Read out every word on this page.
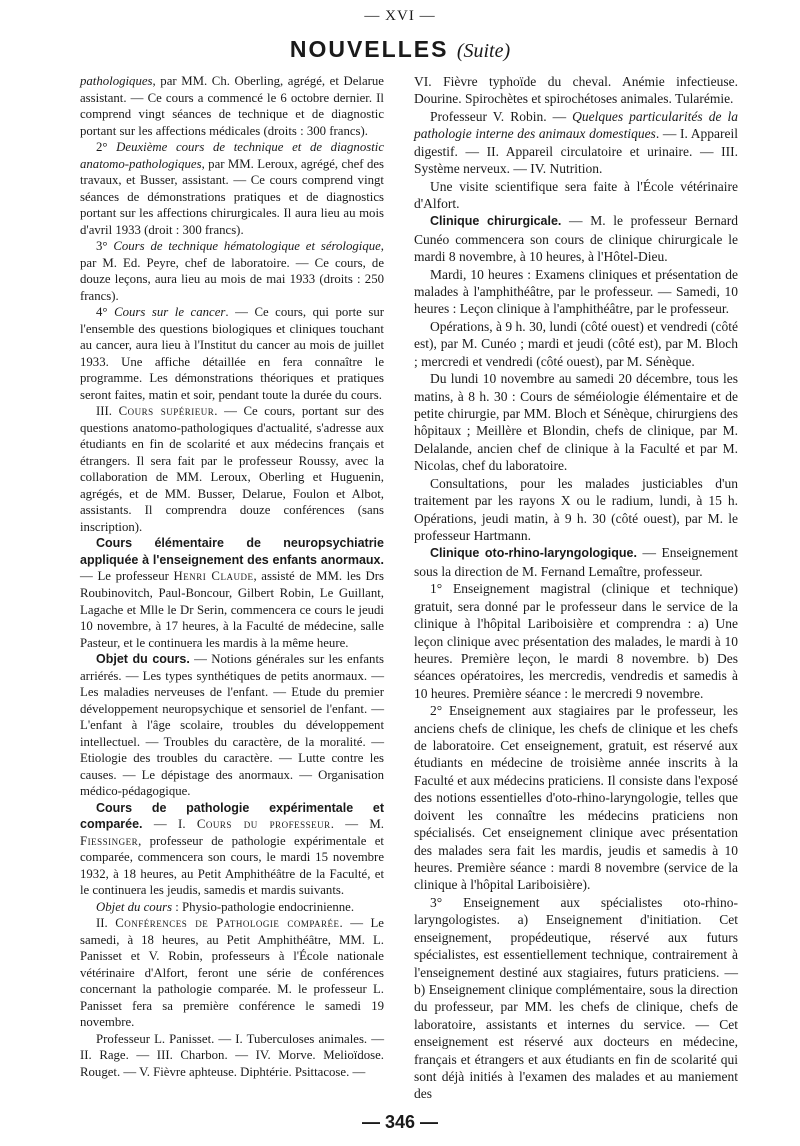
— XVI —
NOUVELLES (Suite)

pathologiques, par MM. Ch. Oberling, agrégé, et Delarue assistant. — Ce cours a commencé le 6 octobre dernier. Il comprend vingt séances de technique et de diagnostic portant sur les affections médicales (droits : 300 francs).

2° Deuxième cours de technique et de diagnostic anatomo-pathologiques, par MM. Leroux, agrégé, chef des travaux, et Busser, assistant. — Ce cours comprend vingt séances de démonstrations pratiques et de diagnostics portant sur les affections chirurgicales. Il aura lieu au mois d'avril 1933 (droit : 300 francs).

3° Cours de technique hématologique et sérologique, par M. Ed. Peyre, chef de laboratoire. — Ce cours, de douze leçons, aura lieu au mois de mai 1933 (droits : 250 francs).

4° Cours sur le cancer. — Ce cours, qui porte sur l'ensemble des questions biologiques et cliniques touchant au cancer, aura lieu à l'Institut du cancer au mois de juillet 1933. Une affiche détaillée en fera connaître le programme. Les démonstrations théoriques et pratiques seront faites, matin et soir, pendant toute la durée du cours.

III. Cours supérieur. — Ce cours, portant sur des questions anatomo-pathologiques d'actualité, s'adresse aux étudiants en fin de scolarité et aux médecins français et étrangers. Il sera fait par le professeur Roussy, avec la collaboration de MM. Leroux, Oberling et Huguenin, agrégés, et de MM. Busser, Delarue, Foulon et Albot, assistants. Il comprendra douze conférences (sans inscription).

Cours élémentaire de neuropsychiatrie appliquée à l'enseignement des enfants anormaux. — Le professeur Henri Claude, assisté de MM. les Drs Roubinovitch, Paul-Boncour, Gilbert Robin, Le Guillant, Lagache et Mlle le Dr Serin, commencera ce cours le jeudi 10 novembre, à 17 heures, à la Faculté de médecine, salle Pasteur, et le continuera les mardis à la même heure.

Objet du cours. — Notions générales sur les enfants arriérés. — Les types synthétiques de petits anormaux. — Les maladies nerveuses de l'enfant. — Etude du premier développement neuropsychique et sensoriel de l'enfant. — L'enfant à l'âge scolaire, troubles du développement intellectuel. — Troubles du caractère, de la moralité. — Etiologie des troubles du caractère. — Lutte contre les causes. — Le dépistage des anormaux. — Organisation médico-pédagogique.

Cours de pathologie expérimentale et comparée. — I. Cours du professeur. — M. Fiessinger, professeur de pathologie expérimentale et comparée, commencera son cours, le mardi 15 novembre 1932, à 18 heures, au Petit Amphithéâtre de la Faculté, et le continuera les jeudis, samedis et mardis suivants.

Objet du cours : Physio-pathologie endocrinienne.

II. Conférences de Pathologie comparée. — Le samedi, à 18 heures, au Petit Amphithéâtre, MM. L. Panisset et V. Robin, professeurs à l'École nationale vétérinaire d'Alfort, feront une série de conférences concernant la pathologie comparée. M. le professeur L. Panisset fera sa première conférence le samedi 19 novembre.

Professeur L. Panisset. — I. Tuberculoses animales. — II. Rage. — III. Charbon. — IV. Morve. Melioïdose. Rouget. — V. Fièvre aphteuse. Diphtérie. Psittacose. —

VI. Fièvre typhoïde du cheval. Anémie infectieuse. Dourine. Spirochètes et spirochétoses animales. Tularémie.

Professeur V. Robin. — Quelques particularités de la pathologie interne des animaux domestiques. — I. Appareil digestif. — II. Appareil circulatoire et urinaire. — III. Système nerveux. — IV. Nutrition.

Une visite scientifique sera faite à l'École vétérinaire d'Alfort.

Clinique chirurgicale. — M. le professeur Bernard Cunéo commencera son cours de clinique chirurgicale le mardi 8 novembre, à 10 heures, à l'Hôtel-Dieu.

Mardi, 10 heures : Examens cliniques et présentation de malades à l'amphithéâtre, par le professeur. — Samedi, 10 heures : Leçon clinique à l'amphithéâtre, par le professeur.

Opérations, à 9 h. 30, lundi (côté ouest) et vendredi (côté est), par M. Cunéo ; mardi et jeudi (côté est), par M. Bloch ; mercredi et vendredi (côté ouest), par M. Sénèque.

Du lundi 10 novembre au samedi 20 décembre, tous les matins, à 8 h. 30 : Cours de séméiologie élémentaire et de petite chirurgie, par MM. Bloch et Sénèque, chirurgiens des hôpitaux ; Meillère et Blondin, chefs de clinique, par M. Delalande, ancien chef de clinique à la Faculté et par M. Nicolas, chef du laboratoire.

Consultations, pour les malades justiciables d'un traitement par les rayons X ou le radium, lundi, à 15 h. Opérations, jeudi matin, à 9 h. 30 (côté ouest), par M. le professeur Hartmann.

Clinique oto-rhino-laryngologique. — Enseignement sous la direction de M. Fernand Lemaître, professeur.

1° Enseignement magistral (clinique et technique) gratuit, sera donné par le professeur dans le service de la clinique à l'hôpital Lariboisière et comprendra : a) Une leçon clinique avec présentation des malades, le mardi à 10 heures. Première leçon, le mardi 8 novembre. b) Des séances opératoires, les mercredis, vendredis et samedis à 10 heures. Première séance : le mercredi 9 novembre.

2° Enseignement aux stagiaires par le professeur, les anciens chefs de clinique, les chefs de clinique et les chefs de laboratoire. Cet enseignement, gratuit, est réservé aux étudiants en médecine de troisième année inscrits à la Faculté et aux médecins praticiens. Il consiste dans l'exposé des notions essentielles d'oto-rhino-laryngologie, telles que doivent les connaître les médecins praticiens non spécialisés. Cet enseignement clinique avec présentation des malades sera fait les mardis, jeudis et samedis à 10 heures. Première séance : mardi 8 novembre (service de la clinique à l'hôpital Lariboisière).

3° Enseignement aux spécialistes oto-rhino-laryngologistes. a) Enseignement d'initiation. Cet enseignement, propédeutique, réservé aux futurs spécialistes, est essentiellement technique, contrairement à l'enseignement destiné aux stagiaires, futurs praticiens. — b) Enseignement clinique complémentaire, sous la direction du professeur, par MM. les chefs de clinique, chefs de laboratoire, assistants et internes du service. — Cet enseignement est réservé aux docteurs en médecine, français et étrangers et aux étudiants en fin de scolarité qui sont déjà initiés à l'examen des malades et au maniement des

— 346 —
